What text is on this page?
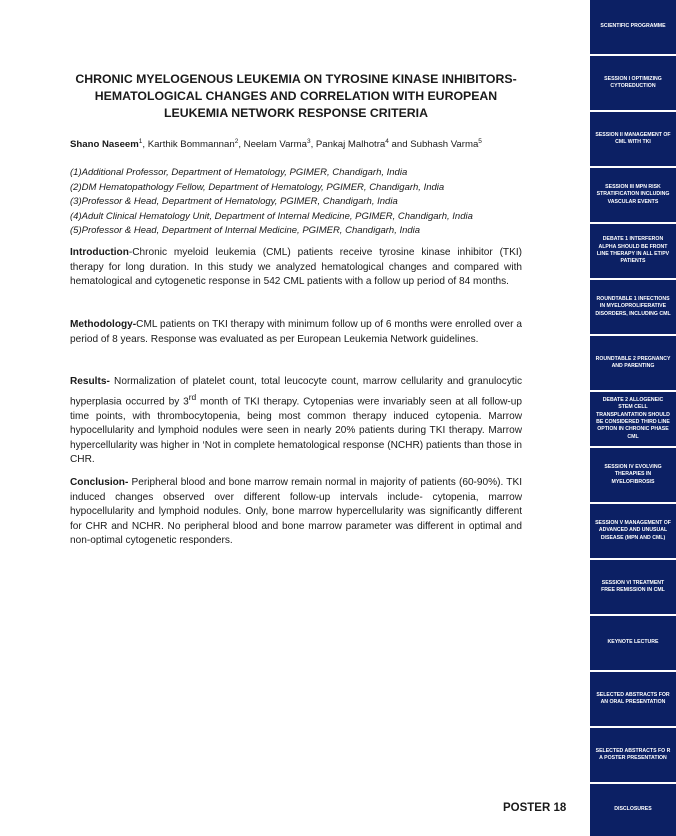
CHRONIC MYELOGENOUS LEUKEMIA ON TYROSINE KINASE INHIBITORS- HEMATOLOGICAL CHANGES AND CORRELATION WITH EUROPEAN LEUKEMIA NETWORK RESPONSE CRITERIA

Shano Naseem$^1$, Karthik Bommannan$^2$, Neelam Varma$^3$, Pankaj Malhotra$^4$ and Subhash Varma$^5$

(1)Additional Professor, Department of Hematology, PGIMER, Chandigarh, India
(2)DM Hematopathology Fellow, Department of Hematology, PGIMER, Chandigarh, India
(3)Professor & Head, Department of Hematology, PGIMER, Chandigarh, India
(4)Adult Clinical Hematology Unit, Department of Internal Medicine, PGIMER, Chandigarh, India
(5)Professor & Head, Department of Internal Medicine, PGIMER, Chandigarh, India

Introduction-Chronic myeloid leukemia (CML) patients receive tyrosine kinase inhibitor (TKI) therapy for long duration. In this study we analyzed hematological changes and compared with hematological and cytogenetic response in 542 CML patients with a follow up period of 84 months.

Methodology-CML patients on TKI therapy with minimum follow up of 6 months were enrolled over a period of 8 years. Response was evaluated as per European Leukemia Network guidelines.

Results- Normalization of platelet count, total leucocyte count, marrow cellularity and granulocytic hyperplasia occurred by 3rd month of TKI therapy. Cytopenias were invariably seen at all follow-up time points, with thrombocytopenia, being most common therapy induced cytopenia. Marrow hypocellularity and lymphoid nodules were seen in nearly 20% patients during TKI therapy. Marrow hypercellularity was higher in ‘Not in complete hematological response (NCHR) patients than those in CHR.

Conclusion- Peripheral blood and bone marrow remain normal in majority of patients (60-90%). TKI induced changes observed over different follow-up intervals include- cytopenia, marrow hypocellularity and lymphoid nodules. Only, bone marrow hypercellularity was significantly different for CHR and NCHR. No peripheral blood and bone marrow parameter was different in optimal and non-optimal cytogenetic responders.

POSTER 18
SCIENTIFIC PROGRAMME
SESSION I OPTIMIZING CYTOREDUCTION
SESSION II MANAGEMENT OF CML WITH TKI
SESSION III MPN RISK STRATIFICATION INCLUDING VASCULAR EVENTS
DEBATE 1 INTERFERON ALPHA SHOULD BE FRONT LINE THERAPY IN ALL ET/PV PATIENTS
ROUNDTABLE 1 INFECTIONS IN MYELOPROLIFERATIVE DISORDERS, INCLUDING CML
ROUNDTABLE 2 PREGNANCY AND PARENTING
DEBATE 2 ALLOGENEIC STEM CELL TRANSPLANTATION SHOULD BE CONSIDERED THIRD LINE OPTION IN CHRONIC PHASE CML
SESSION IV EVOLVING THERAPIES IN MYELOFIBROSIS
SESSION V MANAGEMENT OF ADVANCED AND UNUSUAL DISEASE (MPN AND CML)
SESSION VI TREATMENT FREE REMISSION IN CML
KEYNOTE LECTURE
SELECTED ABSTRACTS FOR AN ORAL PRESENTATION
SELECTED ABSTRACTS FO R A POSTER PRESENTATION
DISCLOSURES
